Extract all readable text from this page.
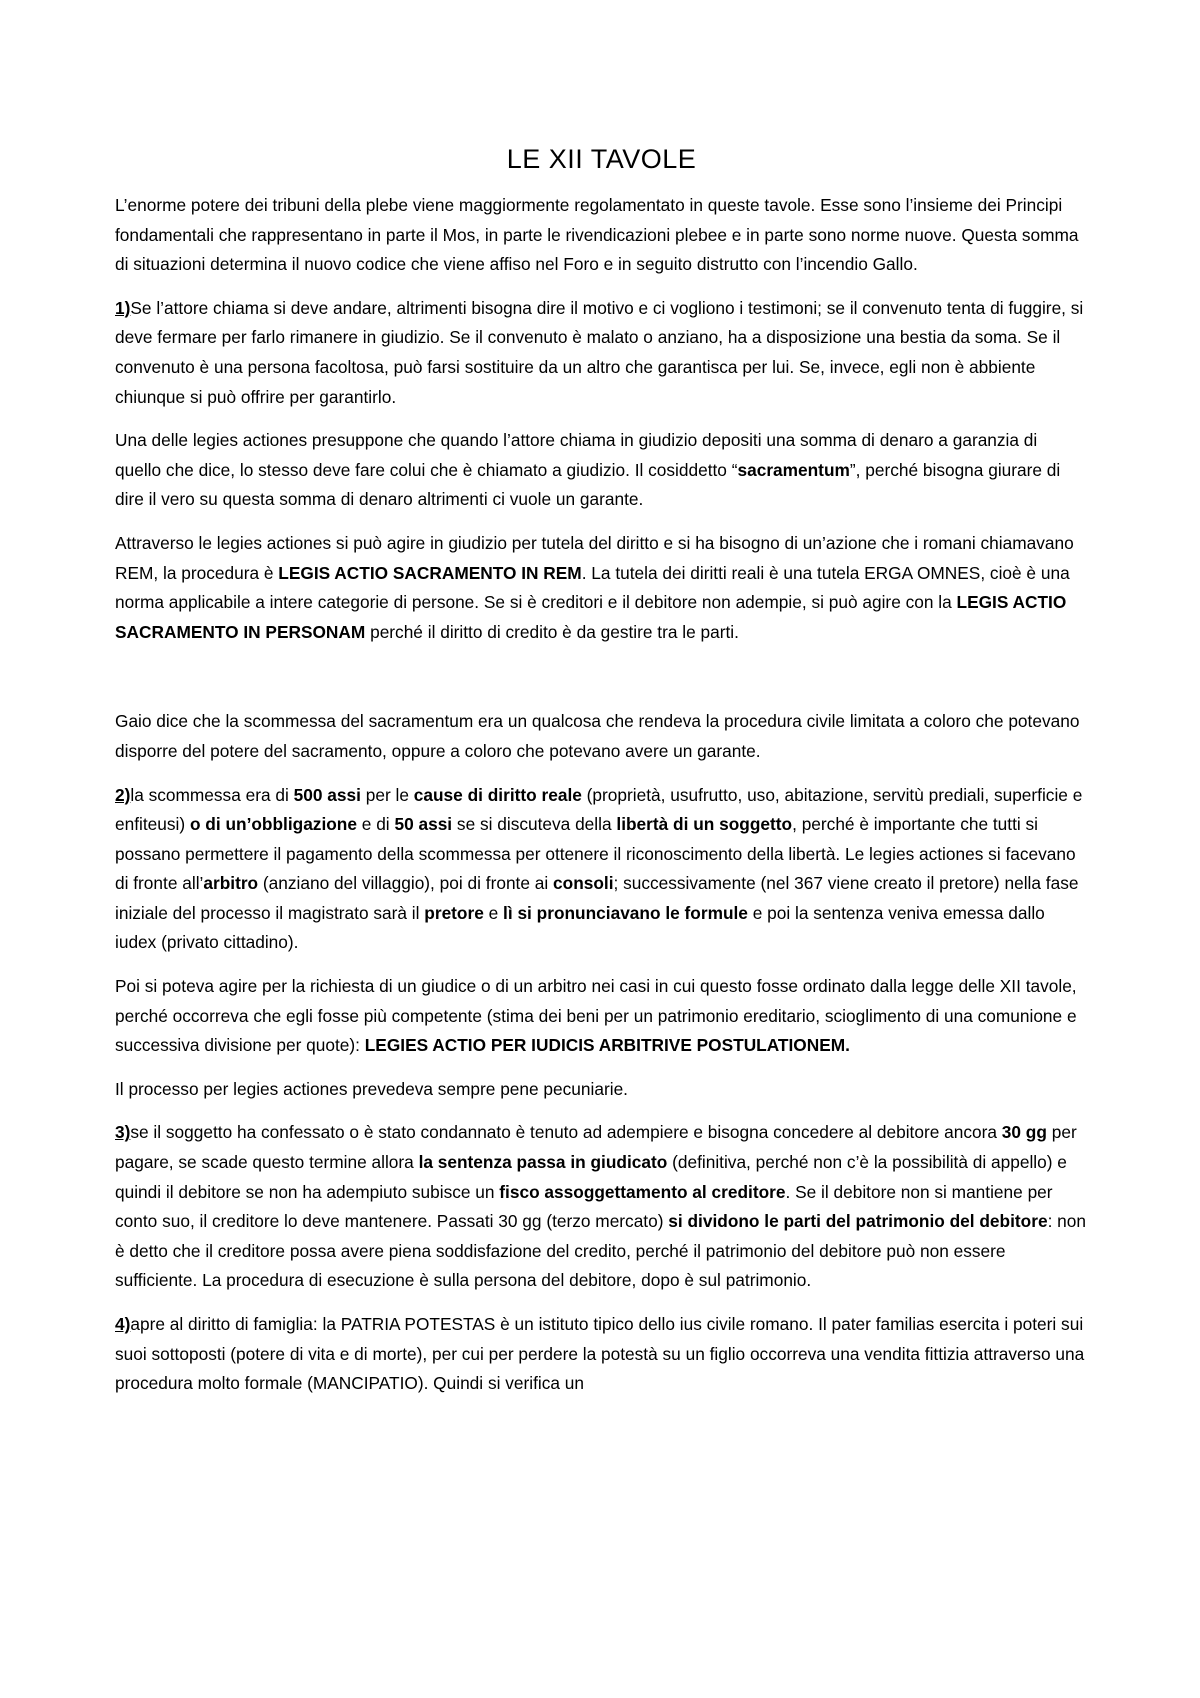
LE XII TAVOLE

L’enorme potere dei tribuni della plebe viene maggiormente regolamentato in queste tavole. Esse sono l’insieme dei Principi fondamentali che rappresentano in parte il Mos, in parte le rivendicazioni plebee e in parte sono norme nuove. Questa somma di situazioni determina il nuovo codice che viene affiso nel Foro e in seguito distrutto con l’incendio Gallo.

1)Se l’attore chiama si deve andare, altrimenti bisogna dire il motivo e ci vogliono i testimoni; se il convenuto tenta di fuggire, si deve fermare per farlo rimanere in giudizio. Se il convenuto è malato o anziano, ha a disposizione una bestia da soma. Se il convenuto è una persona facoltosa, può farsi sostituire da un altro che garantisca per lui. Se, invece, egli non è abbiente chiunque si può offrire per garantirlo.

Una delle legies actiones presuppone che quando l’attore chiama in giudizio depositi una somma di denaro a garanzia di quello che dice, lo stesso deve fare colui che è chiamato a giudizio. Il cosiddetto “sacramentum”, perché bisogna giurare di dire il vero su questa somma di denaro altrimenti ci vuole un garante.

Attraverso le legies actiones si può agire in giudizio per tutela del diritto e si ha bisogno di un’azione che i romani chiamavano REM, la procedura è LEGIS ACTIO SACRAMENTO IN REM. La tutela dei diritti reali è una tutela ERGA OMNES, cioè è una norma applicabile a intere categorie di persone. Se si è creditori e il debitore non adempie, si può agire con la LEGIS ACTIO SACRAMENTO IN PERSONAM perché il diritto di credito è da gestire tra le parti.

Gaio dice che la scommessa del sacramentum era un qualcosa che rendeva la procedura civile limitata a coloro che potevano disporre del potere del sacramento, oppure a coloro che potevano avere un garante.

2)la scommessa era di 500 assi per le cause di diritto reale (proprietà, usufrutto, uso, abitazione, servitù prediali, superficie e enfiteusi) o di un’obbligazione e di 50 assi se si discuteva della libertà di un soggetto, perché è importante che tutti si possano permettere il pagamento della scommessa per ottenere il riconoscimento della libertà. Le legies actiones si facevano di fronte all’arbitro (anziano del villaggio), poi di fronte ai consoli; successivamente (nel 367 viene creato il pretore) nella fase iniziale del processo il magistrato sarà il pretore e lì si pronunciavano le formule e poi la sentenza veniva emessa dallo iudex (privato cittadino).

Poi si poteva agire per la richiesta di un giudice o di un arbitro nei casi in cui questo fosse ordinato dalla legge delle XII tavole, perché occorreva che egli fosse più competente (stima dei beni per un patrimonio ereditario, scioglimento di una comunione e successiva divisione per quote): LEGIES ACTIO PER IUDICIS ARBITRIVE POSTULATIONEM.

Il processo per legies actiones prevedeva sempre pene pecuniarie.

3)se il soggetto ha confessato o è stato condannato è tenuto ad adempiere e bisogna concedere al debitore ancora 30 gg per pagare, se scade questo termine allora la sentenza passa in giudicato (definitiva, perché non c’è la possibilità di appello) e quindi il debitore se non ha adempiuto subisce un fisco assoggettamento al creditore. Se il debitore non si mantiene per conto suo, il creditore lo deve mantenere. Passati 30 gg (terzo mercato) si dividono le parti del patrimonio del debitore: non è detto che il creditore possa avere piena soddisfazione del credito, perché il patrimonio del debitore può non essere sufficiente. La procedura di esecuzione è sulla persona del debitore, dopo è sul patrimonio.

4)apre al diritto di famiglia: la PATRIA POTESTAS è un istituto tipico dello ius civile romano. Il pater familias esercita i poteri sui suoi sottoposti (potere di vita e di morte), per cui per perdere la potestà su un figlio occorreva una vendita fittizia attraverso una procedura molto formale (MANCIPATIO). Quindi si verifica un
